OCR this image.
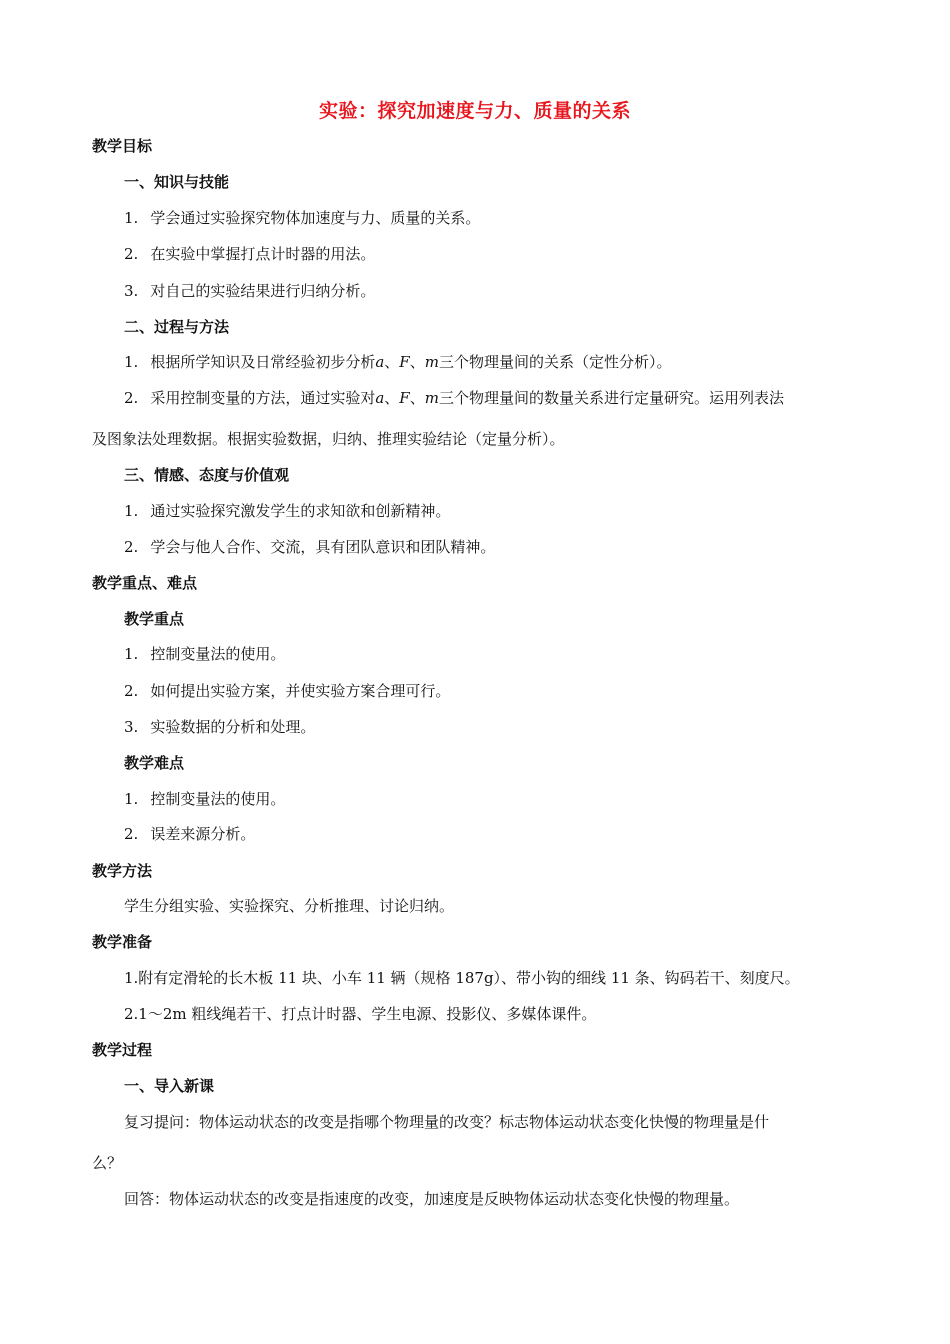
实验：探究加速度与力、质量的关系
教学目标
一、知识与技能
1. 学会通过实验探究物体加速度与力、质量的关系。
2. 在实验中掌握打点计时器的用法。
3. 对自己的实验结果进行归纳分析。
二、过程与方法
1. 根据所学知识及日常经验初步分析a、F、m三个物理量间的关系（定性分析）。
2. 采用控制变量的方法，通过实验对a、F、m三个物理量间的数量关系进行定量研究。运用列表法
及图象法处理数据。根据实验数据，归纳、推理实验结论（定量分析）。
三、情感、态度与价值观
1. 通过实验探究激发学生的求知欲和创新精神。
2. 学会与他人合作、交流，具有团队意识和团队精神。
教学重点、难点
教学重点
1. 控制变量法的使用。
2. 如何提出实验方案，并使实验方案合理可行。
3. 实验数据的分析和处理。
教学难点
1. 控制变量法的使用。
2. 误差来源分析。
教学方法
学生分组实验、实验探究、分析推理、讨论归纳。
教学准备
1.附有定滑轮的长木板 11 块、小车 11 辆（规格 187g）、带小钩的细线 11 条、钩码若干、刻度尺。
2.1～2m 粗线绳若干、打点计时器、学生电源、投影仪、多媒体课件。
教学过程
一、导入新课
复习提问：物体运动状态的改变是指哪个物理量的改变？标志物体运动状态变化快慢的物理量是什
么？
回答：物体运动状态的改变是指速度的改变，加速度是反映物体运动状态变化快慢的物理量。
